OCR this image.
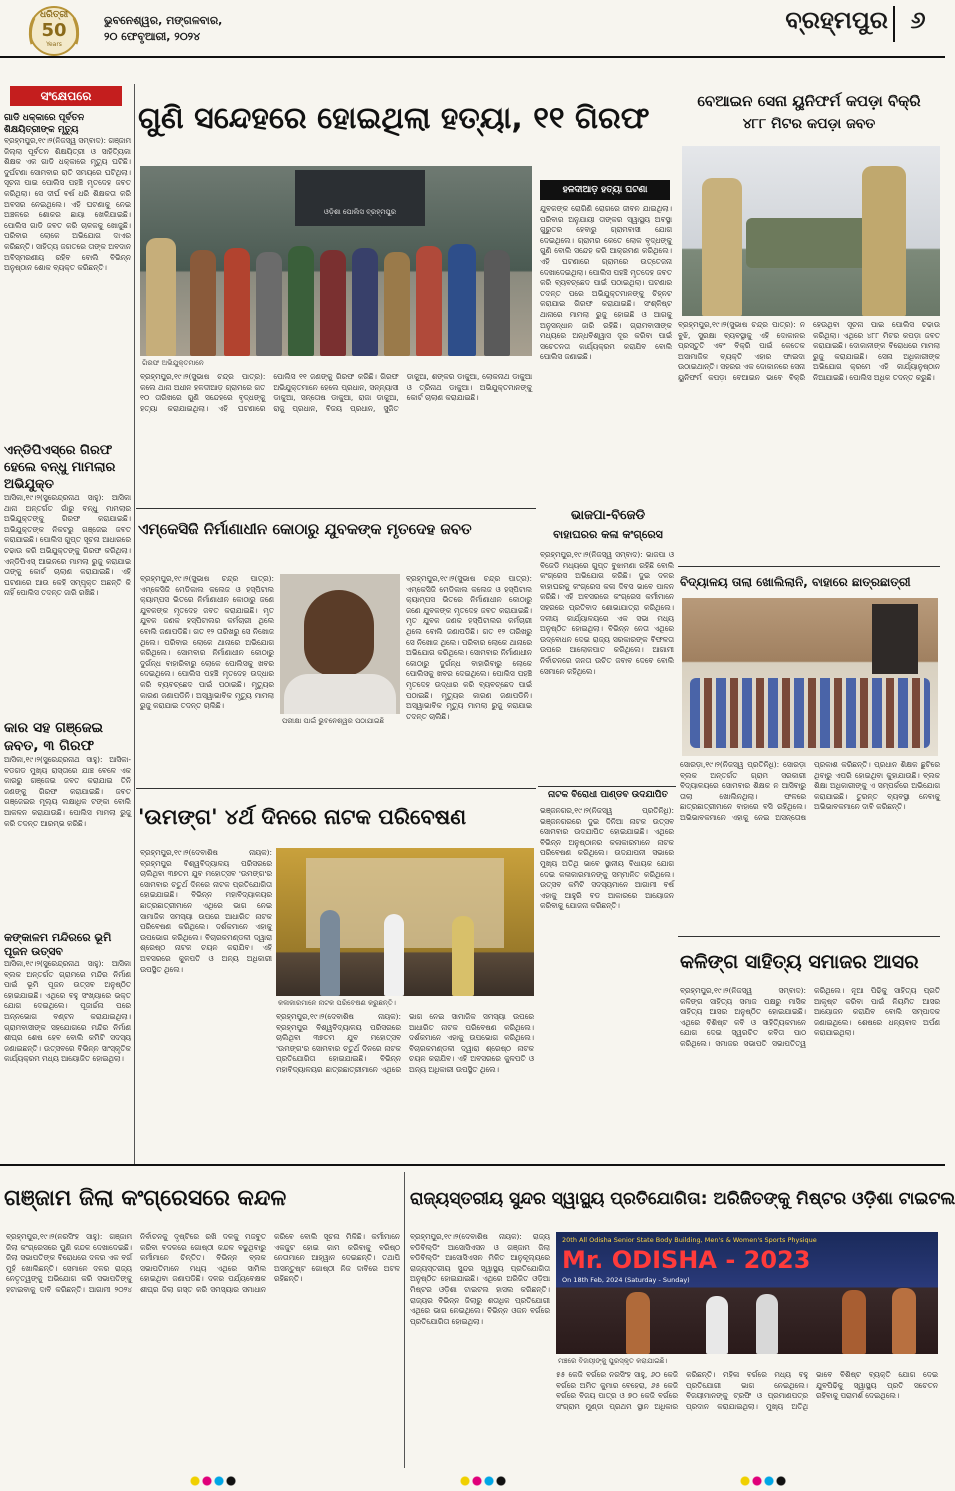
ଧରିତ୍ରୀ
50
Years
ଭୁବନେଶ୍ୱର, ମଙ୍ଗଳବାର,
୨୦ ଫେବୃଆରୀ, ୨୦୨୪
ବ୍ରହ୍ମପୁର ୬
ସଂକ୍ଷେପରେ
ଗାଡି ଧକ୍କାରେ ପୂର୍ବତନ ଶିକ୍ଷୟିତ୍ରୀଙ୍କ ମୃତ୍ୟୁ
ବ୍ରହ୍ମପୁର,୧୯।୨(ନିଜସ୍ୱ ସମ୍ବାଦ): ଗଞ୍ଜାମ ଜିଲ୍ଲା ପୂର୍ବତନ ଶିକ୍ଷୟିତ୍ରୀ ଓ ସାହିତ୍ୟିକା ଶିକ୍ଷକ ଏକ ଗାଡି ଧକ୍କାରେ ମୃତ୍ୟୁ ଘଟିଛି। ଦୁର୍ଘଟଣା ସୋମବାର ରାତି ସମୟରେ ଘଟିଥିଲା। ସୂଚନା ପାଇ ପୋଲିସ ପହଞ୍ଚି ମୃତଦେହ ଜବତ କରିଥିଲା। ସେ ଦୀର୍ଘ ବର୍ଷ ଧରି ଶିକ୍ଷକତା କରି ଅବସର ନେଇଥିଲେ। ଏହି ଘଟଣାକୁ ନେଇ ଅଞ୍ଚଳରେ ଶୋକର ଛାୟା ଖେଳିଯାଇଛି। ପୋଲିସ ଗାଡି ଜବତ କରି ଚାଳକକୁ ଖୋଜୁଛି। ପରିବାର ଲୋକେ ଅଭିଯୋଗ ଦାଏର କରିଛନ୍ତି। ସାହିତ୍ୟ ଜଗତରେ ତାଙ୍କ ଅବଦାନ ଅବିସ୍ମରଣୀୟ ରହିବ ବୋଲି ବିଭିନ୍ନ ଅନୁଷ୍ଠାନ ଶୋକ ବ୍ୟକ୍ତ କରିଛନ୍ତି।
ଏନ୍‌ଡିପିଏସ୍‌ରେ ଗିରଫ ହେଲେ ବନ୍ଧୁ ମାମଲାର ଅଭିଯୁକ୍ତ
ଆସିକା,୧୯।୨(ସୁରେନ୍ଦ୍ରନାଥ ସାହୁ): ଆସିକା ଥାନା ଅନ୍ତର୍ଗତ ଗାଁରୁ ବନ୍ଧୁ ମାମଲାର ଅଭିଯୁକ୍ତଙ୍କୁ ଗିରଫ କରାଯାଇଛି। ଅଭିଯୁକ୍ତଙ୍କ ନିକଟରୁ ଗଞ୍ଜେଇ ଜବତ କରାଯାଇଛି। ପୋଲିସ ଗୁପ୍ତ ସୂଚନା ଆଧାରରେ ଚଢାଉ କରି ଅଭିଯୁକ୍ତଙ୍କୁ ଗିରଫ କରିଥିଲା। ଏନ୍‌ଡିପିଏସ୍ ଆଇନରେ ମାମଲା ରୁଜୁ କରାଯାଇ ତାଙ୍କୁ କୋର୍ଟ ଚାଲାଣ କରାଯାଇଛି। ଏହି ଘଟଣାରେ ଆଉ କେହି ସମ୍ପୃକ୍ତ ଅଛନ୍ତି କି ନାହିଁ ପୋଲିସ ତଦନ୍ତ ଜାରି ରଖିଛି।
କାର ସହ ଗଞ୍ଜେଇ ଜବତ, ୩ ଗିରଫ
ଆସିକା,୧୯।୨(ସୁରେନ୍ଦ୍ରନାଥ ସାହୁ): ଆସିକା-ବଡଗଡ ମୁଖ୍ୟ ରାସ୍ତାରେ ଯାଞ୍ଚ ବେଳେ ଏକ କାରରୁ ଗଞ୍ଜେଇ ଜବତ କରାଯାଇ ତିନି ଜଣଙ୍କୁ ଗିରଫ କରାଯାଇଛି। ଜବତ ଗଞ୍ଜେଇର ମୂଲ୍ୟ ଲକ୍ଷାଧିକ ଟଙ୍କା ବୋଲି ଆକଳନ କରାଯାଉଛି। ପୋଲିସ ମାମଲା ରୁଜୁ କରି ତଦନ୍ତ ଆରମ୍ଭ କରିଛି।
କଙ୍କାଳମ ମନ୍ଦିରରେ ଭୂମି ପୂଜନ ଉତ୍ସବ
ଆସିକା,୧୯।୨(ସୁରେନ୍ଦ୍ରନାଥ ସାହୁ): ଆସିକା ବ୍ଲକ ଅନ୍ତର୍ଗତ ଗ୍ରାମରେ ମନ୍ଦିର ନିର୍ମାଣ ପାଇଁ ଭୂମି ପୂଜନ ଉତ୍ସବ ଅନୁଷ୍ଠିତ ହୋଇଯାଇଛି। ଏଥିରେ ବହୁ ସଂଖ୍ୟାରେ ଭକ୍ତ ଯୋଗ ଦେଇଥିଲେ। ପୂଜାର୍ଚ୍ଚନା ପରେ ଅନ୍ନଭୋଗ ବଣ୍ଟନ କରାଯାଇଥିଲା। ଗ୍ରାମବାସୀଙ୍କ ସହଯୋଗରେ ମନ୍ଦିର ନିର୍ମାଣ ଶୀଘ୍ର ଶେଷ ହେବ ବୋଲି କମିଟି ସଦସ୍ୟ ଜଣାଇଛନ୍ତି। ଉତ୍ସବରେ ବିଭିନ୍ନ ସାଂସ୍କୃତିକ କାର୍ଯ୍ୟକ୍ରମ ମଧ୍ୟ ଆୟୋଜିତ ହୋଇଥିଲା।
ଗୁଣି ସନ୍ଦେହରେ ହୋଇଥିଲା ହତ୍ୟା, ୧୧ ଗିରଫ
ଓଡ଼ିଶା ପୋଲିସ ବ୍ରହ୍ମପୁର
ଗିରଫ ଅଭିଯୁକ୍ତମାନେ
ବ୍ରହ୍ମପୁର,୧୯।୨(ସୁଭାଷ ଚନ୍ଦ୍ର ପାତ୍ର): କଲେ ଥାନା ଅଧୀନ ହଳଦୀଆଡ଼ ଗ୍ରାମରେ ଗତ ୧୦ ତାରିଖରେ ଗୁଣି ସନ୍ଦେହରେ ବୃଦ୍ଧଙ୍କୁ ହତ୍ୟା କରାଯାଇଥିଲା। ଏହି ଘଟଣାରେ ପୋଲିସ ୧୧ ଜଣଙ୍କୁ ଗିରଫ କରିଛି। ଗିରଫ ଅଭିଯୁକ୍ତମାନେ ହେଲେ ପ୍ରଧାନ, ସନ୍ନ୍ୟାସୀ ଡାକୁଆ, ସନ୍ତୋଷ ଡାକୁଆ, ରାଜା ଡାକୁଆ, ରାଜୁ ପ୍ରଧାନ, ବିଜୟ ପ୍ରଧାନ, ସୁଜିତ ଡାକୁଆ, ଶଙ୍କର ଡାକୁଆ, ଲୋକନାଥ ଡାକୁଆ ଓ ତ୍ରିନାଥ ଡାକୁଆ। ଅଭିଯୁକ୍ତମାନଙ୍କୁ କୋର୍ଟ ଚାଲାଣ କରାଯାଇଛି।
ହଳଦୀଆଡ଼ ହତ୍ୟା ଘଟଣା
ଯୁବକଙ୍କ ରୋଗିଣି ରୋଗରେ ଜୀବନ ଯାଇଥିଲା। ପରିବାର ଅନୁଯାୟୀ ତାଙ୍କର ସ୍ୱାସ୍ଥ୍ୟ ଅବସ୍ଥା ଗୁରୁତର ହେବାରୁ ଗ୍ରାମବାସୀ ଯୋଗ ଦେଇଥିଲେ। ଗ୍ରାମର କେତେ ଲୋକ ବୃଦ୍ଧଙ୍କୁ ଗୁଣି ବୋଲି ସନ୍ଦେହ କରି ଆକ୍ରମଣ କରିଥିଲେ। ଏହି ଘଟଣାରେ ଗ୍ରାମରେ ଉତ୍ତେଜନା ଦେଖାଦେଇଥିଲା। ପୋଲିସ ପହଞ୍ଚି ମୃତଦେହ ଜବତ କରି ବ୍ୟବଚ୍ଛେଦ ପାଇଁ ପଠାଇଥିଲା। ଘଟଣାର ତଦନ୍ତ ପରେ ଅଭିଯୁକ୍ତମାନଙ୍କୁ ଚିହ୍ନଟ କରାଯାଇ ଗିରଫ କରାଯାଇଛି। ସଂଶ୍ଳିଷ୍ଟ ଥାନାରେ ମାମଲା ରୁଜୁ ହୋଇଛି ଓ ଆଗକୁ ଅନୁସନ୍ଧାନ ଜାରି ରହିଛି। ଗ୍ରାମବାସୀଙ୍କ ମଧ୍ୟରେ ଅନ୍ଧବିଶ୍ୱାସ ଦୂର କରିବା ପାଇଁ ସଚେତନତା କାର୍ଯ୍ୟକ୍ରମ କରାଯିବ ବୋଲି ପୋଲିସ ଜଣାଇଛି।
ବେଆଇନ ସେନା ୟୁନିଫର୍ମ କପଡ଼ା ବିକ୍ରି
୪୮୮ ମିଟର କପଡ଼ା ଜବତ
ବ୍ରହ୍ମପୁର,୧୯।୨(ସୁଭାଷ ଚନ୍ଦ୍ର ପାତ୍ର): ନ ବୁଝି, ସୁରକ୍ଷା ବ୍ୟବସ୍ଥାକୁ ଏହି ଦୋକାନର ପ୍ରସ୍ତୁତି ଏବଂ ବିକ୍ରି ପାଇଁ କେତେକ ଅସାମାଜିକ ବ୍ୟକ୍ତି ଏହାର ଫାଇଦା ଉଠାଇଥାନ୍ତି। ସହରର ଏକ ଦୋକାନରେ ସେନା ୟୁନିଫର୍ମ କପଡ଼ା ବେଆଇନ ଭାବେ ବିକ୍ରି ହେଉଥିବା ସୂଚନା ପାଇ ପୋଲିସ ଚଢାଉ କରିଥିଲା। ଏଥିରେ ୪୮୮ ମିଟର କପଡ଼ା ଜବତ କରାଯାଇଛି। ଦୋକାନୀଙ୍କ ବିରୋଧରେ ମାମଲା ରୁଜୁ କରାଯାଇଛି। ସେନା ଅଧିକାରୀଙ୍କ ଅଭିଯୋଗ କ୍ରମେ ଏହି କାର୍ଯ୍ୟାନୁଷ୍ଠାନ ନିଆଯାଇଛି। ପୋଲିସ ଅଧିକ ତଦନ୍ତ କରୁଛି।
ଏମ୍‌କେସିଜି ନିର୍ମାଣାଧୀନ କୋଠାରୁ ଯୁବକଙ୍କ ମୃତଦେହ ଜବତ
ପରୀକ୍ଷା ପାଇଁ ଭୁବନେଶ୍ୱର ପଠାଯାଇଛି
ବ୍ରହ୍ମପୁର,୧୯।୨(ସୁଭାଷ ଚନ୍ଦ୍ର ପାତ୍ର): ଏମ୍‌କେସିଜି ମେଡିକାଲ କଲେଜ ଓ ହସ୍ପିଟାଲ କ୍ୟାମ୍ପସ ଭିତରେ ନିର୍ମାଣାଧୀନ କୋଠାରୁ ଜଣେ ଯୁବକଙ୍କ ମୃତଦେହ ଜବତ କରାଯାଇଛି। ମୃତ ଯୁବକ ଜଣକ ହସ୍ପିଟାଲର କର୍ମଚାରୀ ଥିଲେ ବୋଲି ଜଣାପଡିଛି। ଗତ ୧୨ ତାରିଖରୁ ସେ ନିଖୋଜ ଥିଲେ। ପରିବାର ଲୋକେ ଥାନାରେ ଅଭିଯୋଗ କରିଥିଲେ। ସୋମବାର ନିର୍ମାଣାଧୀନ କୋଠାରୁ ଦୁର୍ଗନ୍ଧ ବାହାରିବାରୁ ଲୋକେ ପୋଲିସକୁ ଖବର ଦେଇଥିଲେ। ପୋଲିସ ପହଞ୍ଚି ମୃତଦେହ ଉଦ୍ଧାର କରି ବ୍ୟବଚ୍ଛେଦ ପାଇଁ ପଠାଇଛି। ମୃତ୍ୟୁର କାରଣ ଜଣାପଡିନି। ଅସ୍ୱାଭାବିକ ମୃତ୍ୟୁ ମାମଲା ରୁଜୁ କରାଯାଇ ତଦନ୍ତ ଚାଲିଛି।
ବ୍ରହ୍ମପୁର,୧୯।୨(ସୁଭାଷ ଚନ୍ଦ୍ର ପାତ୍ର): ଏମ୍‌କେସିଜି ମେଡିକାଲ କଲେଜ ଓ ହସ୍ପିଟାଲ କ୍ୟାମ୍ପସ ଭିତରେ ନିର୍ମାଣାଧୀନ କୋଠାରୁ ଜଣେ ଯୁବକଙ୍କ ମୃତଦେହ ଜବତ କରାଯାଇଛି। ମୃତ ଯୁବକ ଜଣକ ହସ୍ପିଟାଲର କର୍ମଚାରୀ ଥିଲେ ବୋଲି ଜଣାପଡିଛି। ଗତ ୧୨ ତାରିଖରୁ ସେ ନିଖୋଜ ଥିଲେ। ପରିବାର ଲୋକେ ଥାନାରେ ଅଭିଯୋଗ କରିଥିଲେ। ସୋମବାର ନିର୍ମାଣାଧୀନ କୋଠାରୁ ଦୁର୍ଗନ୍ଧ ବାହାରିବାରୁ ଲୋକେ ପୋଲିସକୁ ଖବର ଦେଇଥିଲେ। ପୋଲିସ ପହଞ୍ଚି ମୃତଦେହ ଉଦ୍ଧାର କରି ବ୍ୟବଚ୍ଛେଦ ପାଇଁ ପଠାଇଛି। ମୃତ୍ୟୁର କାରଣ ଜଣାପଡିନି। ଅସ୍ୱାଭାବିକ ମୃତ୍ୟୁ ମାମଲା ରୁଜୁ କରାଯାଇ ତଦନ୍ତ ଚାଲିଛି।
ଭାଜପା-ବିଜେଡି
ବାହାଘରର କଳା କଂଗ୍ରେସ
ବ୍ରହ୍ମପୁର,୧୯।୨(ନିଜସ୍ୱ ସମ୍ବାଦ): ଭାଜପା ଓ ବିଜେଡି ମଧ୍ୟରେ ଗୁପ୍ତ ବୁଝାମଣା ରହିଛି ବୋଲି କଂଗ୍ରେସ ଅଭିଯୋଗ କରିଛି। ଦୁଇ ଦଳର ବାହାଘରକୁ କଂଗ୍ରେସ କଳା ଦିବସ ଭାବେ ପାଳନ କରିଛି। ଏହି ଅବସରରେ କଂଗ୍ରେସ କର୍ମୀମାନେ ସହରରେ ପ୍ରତିବାଦ ଶୋଭାଯାତ୍ରା କରିଥିଲେ। ଦଳୀୟ କାର୍ଯ୍ୟାଳୟରେ ଏକ ସଭା ମଧ୍ୟ ଅନୁଷ୍ଠିତ ହୋଇଥିଲା। ବିଭିନ୍ନ ନେତା ଏଥିରେ ଉଦ୍‌ବୋଧନ ଦେଇ ରାଜ୍ୟ ସରକାରଙ୍କ ବିଫଳତା ଉପରେ ଆଲୋକପାତ କରିଥିଲେ। ଆଗାମୀ ନିର୍ବାଚନରେ ଜନତା ଉଚିତ ଜବାବ ଦେବେ ବୋଲି ସେମାନେ କହିଥିଲେ।
ବିଦ୍ୟାଳୟ ତାଲା ଖୋଲିଲାନି, ବାହାରେ ଛାତ୍ରଛାତ୍ରୀ
ସୋରଡ଼ା,୧୯।୨(ନିଜସ୍ୱ ପ୍ରତିନିଧି): ସୋରଡ଼ା ବ୍ଲକ ଅନ୍ତର୍ଗତ ଗ୍ରାମ ସରକାରୀ ବିଦ୍ୟାଳୟରେ ସୋମବାର ଶିକ୍ଷକ ନ ଆସିବାରୁ ତାଲା ଖୋଲିନଥିଲା। ଫଳରେ ଛାତ୍ରଛାତ୍ରୀମାନେ ବାହାରେ ବସି ରହିଥିଲେ। ଅଭିଭାବକମାନେ ଏହାକୁ ନେଇ ଅସନ୍ତୋଷ ପ୍ରକାଶ କରିଛନ୍ତି। ପ୍ରଧାନ ଶିକ୍ଷକ ଛୁଟିରେ ଥିବାରୁ ଏପରି ହୋଇଥିବା କୁହାଯାଉଛି। ବ୍ଲକ ଶିକ୍ଷା ଅଧିକାରୀଙ୍କୁ ଏ ସମ୍ପର୍କରେ ଅଭିଯୋଗ କରାଯାଇଛି। ତୁରନ୍ତ ବ୍ୟବସ୍ଥା ନେବାକୁ ଅଭିଭାବକମାନେ ଦାବି କରିଛନ୍ତି।
'ଉମଙ୍ଗ' ୪ର୍ଥ ଦିନରେ ନାଟକ ପରିବେଷଣ
କଳାକାରମାନେ ନାଟକ ପରିବେଷଣ କରୁଛନ୍ତି।
ବ୍ରହ୍ମପୁର,୧୯।୨(ଦେବାଶିଷ ନାୟକ): ବ୍ରହ୍ମପୁର ବିଶ୍ୱବିଦ୍ୟାଳୟ ପରିସରରେ ଚାଲିଥିବା ୩୭ତମ ଯୁବ ମହୋତ୍ସବ 'ଉମଙ୍ଗ'ର ସୋମବାର ଚତୁର୍ଥ ଦିନରେ ନାଟକ ପ୍ରତିଯୋଗିତା ହୋଇଯାଇଛି। ବିଭିନ୍ନ ମହାବିଦ୍ୟାଳୟର ଛାତ୍ରଛାତ୍ରୀମାନେ ଏଥିରେ ଭାଗ ନେଇ ସାମାଜିକ ସମସ୍ୟା ଉପରେ ଆଧାରିତ ନାଟକ ପରିବେଷଣ କରିଥିଲେ। ଦର୍ଶକମାନେ ଏହାକୁ ଉପଭୋଗ କରିଥିଲେ। ବିଚାରକମଣ୍ଡଳୀ ଦ୍ୱାରା ଶ୍ରେଷ୍ଠ ନାଟକ ଚୟନ କରାଯିବ। ଏହି ଅବସରରେ କୁଳପତି ଓ ଅନ୍ୟ ଅଧିକାରୀ ଉପସ୍ଥିତ ଥିଲେ।
ବ୍ରହ୍ମପୁର,୧୯।୨(ଦେବାଶିଷ ନାୟକ): ବ୍ରହ୍ମପୁର ବିଶ୍ୱବିଦ୍ୟାଳୟ ପରିସରରେ ଚାଲିଥିବା ୩୭ତମ ଯୁବ ମହୋତ୍ସବ 'ଉମଙ୍ଗ'ର ସୋମବାର ଚତୁର୍ଥ ଦିନରେ ନାଟକ ପ୍ରତିଯୋଗିତା ହୋଇଯାଇଛି। ବିଭିନ୍ନ ମହାବିଦ୍ୟାଳୟର ଛାତ୍ରଛାତ୍ରୀମାନେ ଏଥିରେ ଭାଗ ନେଇ ସାମାଜିକ ସମସ୍ୟା ଉପରେ ଆଧାରିତ ନାଟକ ପରିବେଷଣ କରିଥିଲେ। ଦର୍ଶକମାନେ ଏହାକୁ ଉପଭୋଗ କରିଥିଲେ। ବିଚାରକମଣ୍ଡଳୀ ଦ୍ୱାରା ଶ୍ରେଷ୍ଠ ନାଟକ ଚୟନ କରାଯିବ। ଏହି ଅବସରରେ କୁଳପତି ଓ ଅନ୍ୟ ଅଧିକାରୀ ଉପସ୍ଥିତ ଥିଲେ।
ନାଟକ ବିରୋଧୀ ପାଣ୍ଡବ ଉଦଯାପିତ
ଭଞ୍ଜନଗର,୧୯।୨(ନିଜସ୍ୱ ପ୍ରତିନିଧି): ଭଞ୍ଜନଗରରେ ଦୁଇ ଦିନିଆ ନାଟକ ଉତ୍ସବ ସୋମବାର ଉଦଯାପିତ ହୋଇଯାଇଛି। ଏଥିରେ ବିଭିନ୍ନ ଅନୁଷ୍ଠାନର କଳାକାରମାନେ ନାଟକ ପରିବେଷଣ କରିଥିଲେ। ଉଦଯାପନୀ ସଭାରେ ମୁଖ୍ୟ ଅତିଥି ଭାବେ ସ୍ଥାନୀୟ ବିଧାୟକ ଯୋଗ ଦେଇ କଳାକାରମାନଙ୍କୁ ସମ୍ମାନିତ କରିଥିଲେ। ଉତ୍ସବ କମିଟି ସଦସ୍ୟମାନେ ଆଗାମୀ ବର୍ଷ ଏହାକୁ ଆହୁରି ବଡ ଆକାରରେ ଆୟୋଜନ କରିବାକୁ ଯୋଜନା କରିଛନ୍ତି।
କଳିଙ୍ଗ ସାହିତ୍ୟ ସମାଜର ଆସର
ବ୍ରହ୍ମପୁର,୧୯।୨(ନିଜସ୍ୱ ସମ୍ବାଦ): କଳିଙ୍ଗ ସାହିତ୍ୟ ସମାଜ ପକ୍ଷରୁ ମାସିକ ସାହିତ୍ୟ ଆସର ଅନୁଷ୍ଠିତ ହୋଇଯାଇଛି। ଏଥିରେ ବିଶିଷ୍ଟ କବି ଓ ସାହିତ୍ୟିକମାନେ ଯୋଗ ଦେଇ ସ୍ୱରଚିତ କବିତା ପାଠ କରିଥିଲେ। ସମାଜର ସଭାପତି ସଭାପତିତ୍ୱ କରିଥିଲେ। ନୂଆ ପିଢିକୁ ସାହିତ୍ୟ ପ୍ରତି ଆକୃଷ୍ଟ କରିବା ପାଇଁ ନିୟମିତ ଆସର ଆୟୋଜନ କରାଯିବ ବୋଲି ସମ୍ପାଦକ ଜଣାଇଥିଲେ। ଶେଷରେ ଧନ୍ୟବାଦ ଅର୍ପଣ କରାଯାଇଥିଲା।
ଗଞ୍ଜାମ ଜିଲା କଂଗ୍ରେସରେ କନ୍ଦଳ
ବ୍ରହ୍ମପୁର,୧୯।୨(ନରସିଂହ ସାହୁ): ଗଞ୍ଜାମ ଜିଲା କଂଗ୍ରେସରେ ପୁଣି କନ୍ଦଳ ଦେଖାଦେଇଛି। ଜିଲା ସଭାପତିଙ୍କ ବିରୋଧରେ ଦଳର ଏକ ବର୍ଗ ମୁହଁ ଖୋଲିଛନ୍ତି। ସେମାନେ ଦଳର ରାଜ୍ୟ ନେତୃତ୍ୱଙ୍କୁ ଅଭିଯୋଗ କରି ସଭାପତିଙ୍କୁ ହଟାଇବାକୁ ଦାବି କରିଛନ୍ତି। ଆଗାମୀ ୨୦୨୪ ନିର୍ବାଚନକୁ ଦୃଷ୍ଟିରେ ରଖି ଦଳକୁ ମଜବୁତ କରିବା ବଦଳରେ ଗୋଷ୍ଠୀ କନ୍ଦଳ ବଢୁଥିବାରୁ କର୍ମୀମାନେ ଚିନ୍ତିତ। ବିଭିନ୍ନ ବ୍ଲକ ସଭାପତିମାନେ ମଧ୍ୟ ଏଥିରେ ସାମିଲ ହୋଇଥିବା ଜଣାପଡିଛି। ଦଳର ପର୍ଯ୍ୟବେକ୍ଷକ ଶୀଘ୍ର ଜିଲା ଗସ୍ତ କରି ସମସ୍ୟାର ସମାଧାନ କରିବେ ବୋଲି ସୂଚନା ମିଳିଛି। କର୍ମୀମାନେ ଏକଜୁଟ ହୋଇ କାମ କରିବାକୁ ବରିଷ୍ଠ ନେତାମାନେ ଆହ୍ୱାନ ଦେଇଛନ୍ତି। ତଥାପି ଅସନ୍ତୁଷ୍ଟ ଗୋଷ୍ଠୀ ନିଜ ଦାବିରେ ଅଟଳ ରହିଛନ୍ତି।
ରାଜ୍ୟସ୍ତରୀୟ ସୁନ୍ଦର ସ୍ୱାସ୍ଥ୍ୟ ପ୍ରତିଯୋଗିତା: ଅରିଜିତଙ୍କୁ ମିଷ୍ଟର ଓଡ଼ିଶା ଟାଇଟଲ
ବ୍ରହ୍ମପୁର,୧୯।୨(ଦେବାଶିଷ ନାୟକ): ରାଜ୍ୟ ବଡିବିଲ୍ଡିଂ ଆସୋସିଏସନ ଓ ଗଞ୍ଜାମ ଜିଲା ବଡିବିଲ୍ଡିଂ ଆସୋସିଏସନ ମିଳିତ ଆନୁକୂଲ୍ୟରେ ରାଜ୍ୟସ୍ତରୀୟ ସୁନ୍ଦର ସ୍ୱାସ୍ଥ୍ୟ ପ୍ରତିଯୋଗିତା ଅନୁଷ୍ଠିତ ହୋଇଯାଇଛି। ଏଥିରେ ଅରିଜିତ ଓଡ଼ିଆ ମିଷ୍ଟର ଓଡ଼ିଶା ଟାଇଟଲ ହାସଲ କରିଛନ୍ତି। ରାଜ୍ୟର ବିଭିନ୍ନ ଜିଲାରୁ ଶତାଧିକ ପ୍ରତିଯୋଗୀ ଏଥିରେ ଭାଗ ନେଇଥିଲେ। ବିଭିନ୍ନ ଓଜନ ବର୍ଗରେ ପ୍ରତିଯୋଗିତା ହୋଇଥିଲା।
20th All Odisha Senior State Body Building, Men's & Women's Sports Physique
Mr. ODISHA - 2023
On 18th Feb, 2024 (Saturday - Sunday)
ମଞ୍ଚରେ ବିଜୟୀଙ୍କୁ ପୁରସ୍କୃତ କରାଯାଇଛି।
୫୫ କେଜି ବର୍ଗରେ ନରସିଂହ ସାହୁ, ୬୦ କେଜି ବର୍ଗରେ ଅମିତ କୁମାର ବେହେରା, ୬୫ କେଜି ବର୍ଗରେ ବିଜୟ ପାତ୍ର ଓ ୭୦ କେଜି ବର୍ଗରେ ସଂଗ୍ରାମ ମୁଣ୍ଡା ପ୍ରଥମ ସ୍ଥାନ ଅଧିକାର କରିଛନ୍ତି। ମହିଳା ବର୍ଗରେ ମଧ୍ୟ ବହୁ ପ୍ରତିଯୋଗୀ ଭାଗ ନେଇଥିଲେ। ବିଜୟୀମାନଙ୍କୁ ଟ୍ରଫି ଓ ପ୍ରମାଣପତ୍ର ପ୍ରଦାନ କରାଯାଇଥିଲା। ମୁଖ୍ୟ ଅତିଥି ଭାବେ ବିଶିଷ୍ଟ ବ୍ୟକ୍ତି ଯୋଗ ଦେଇ ଯୁବପିଢିକୁ ସ୍ୱାସ୍ଥ୍ୟ ପ୍ରତି ସଚେତନ ରହିବାକୁ ପରାମର୍ଶ ଦେଇଥିଲେ।
